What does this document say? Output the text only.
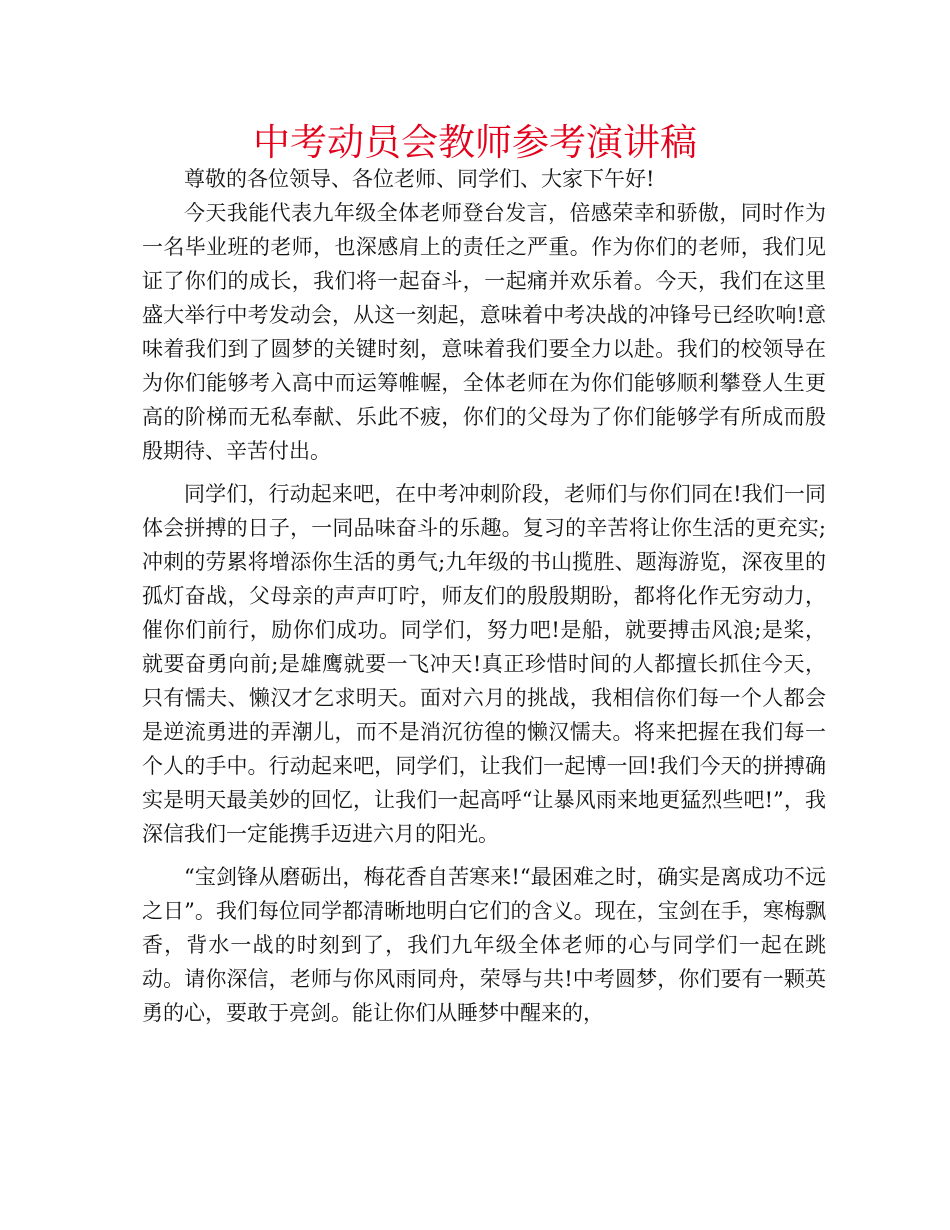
中考动员会教师参考演讲稿

尊敬的各位领导、各位老师、同学们、大家下午好!

今天我能代表九年级全体老师登台发言，倍感荣幸和骄傲，同时作为一名毕业班的老师，也深感肩上的责任之严重。作为你们的老师，我们见证了你们的成长，我们将一起奋斗，一起痛并欢乐着。今天，我们在这里盛大举行中考发动会，从这一刻起，意味着中考决战的冲锋号已经吹响!意味着我们到了圆梦的关键时刻，意味着我们要全力以赴。我们的校领导在为你们能够考入高中而运筹帷幄，全体老师在为你们能够顺利攀登人生更高的阶梯而无私奉献、乐此不疲，你们的父母为了你们能够学有所成而殷殷期待、辛苦付出。

同学们，行动起来吧，在中考冲刺阶段，老师们与你们同在!我们一同体会拼搏的日子，一同品味奋斗的乐趣。复习的辛苦将让你生活的更充实;冲刺的劳累将增添你生活的勇气;九年级的书山揽胜、题海游览，深夜里的孤灯奋战，父母亲的声声叮咛，师友们的殷殷期盼，都将化作无穷动力，催你们前行，励你们成功。同学们，努力吧!是船，就要搏击风浪;是桨，就要奋勇向前;是雄鹰就要一飞冲天!真正珍惜时间的人都擅长抓住今天，只有懦夫、懒汉才乞求明天。面对六月的挑战，我相信你们每一个人都会是逆流勇进的弄潮儿，而不是消沉彷徨的懒汉懦夫。将来把握在我们每一个人的手中。行动起来吧，同学们，让我们一起博一回!我们今天的拼搏确实是明天最美妙的回忆，让我们一起高呼“让暴风雨来地更猛烈些吧!”，我深信我们一定能携手迈进六月的阳光。

“宝剑锋从磨砺出，梅花香自苦寒来!“最困难之时，确实是离成功不远之日”。我们每位同学都清晰地明白它们的含义。现在，宝剑在手，寒梅飘香，背水一战的时刻到了，我们九年级全体老师的心与同学们一起在跳动。请你深信，老师与你风雨同舟，荣辱与共!中考圆梦，你们要有一颗英勇的心，要敢于亮剑。能让你们从睡梦中醒来的，
